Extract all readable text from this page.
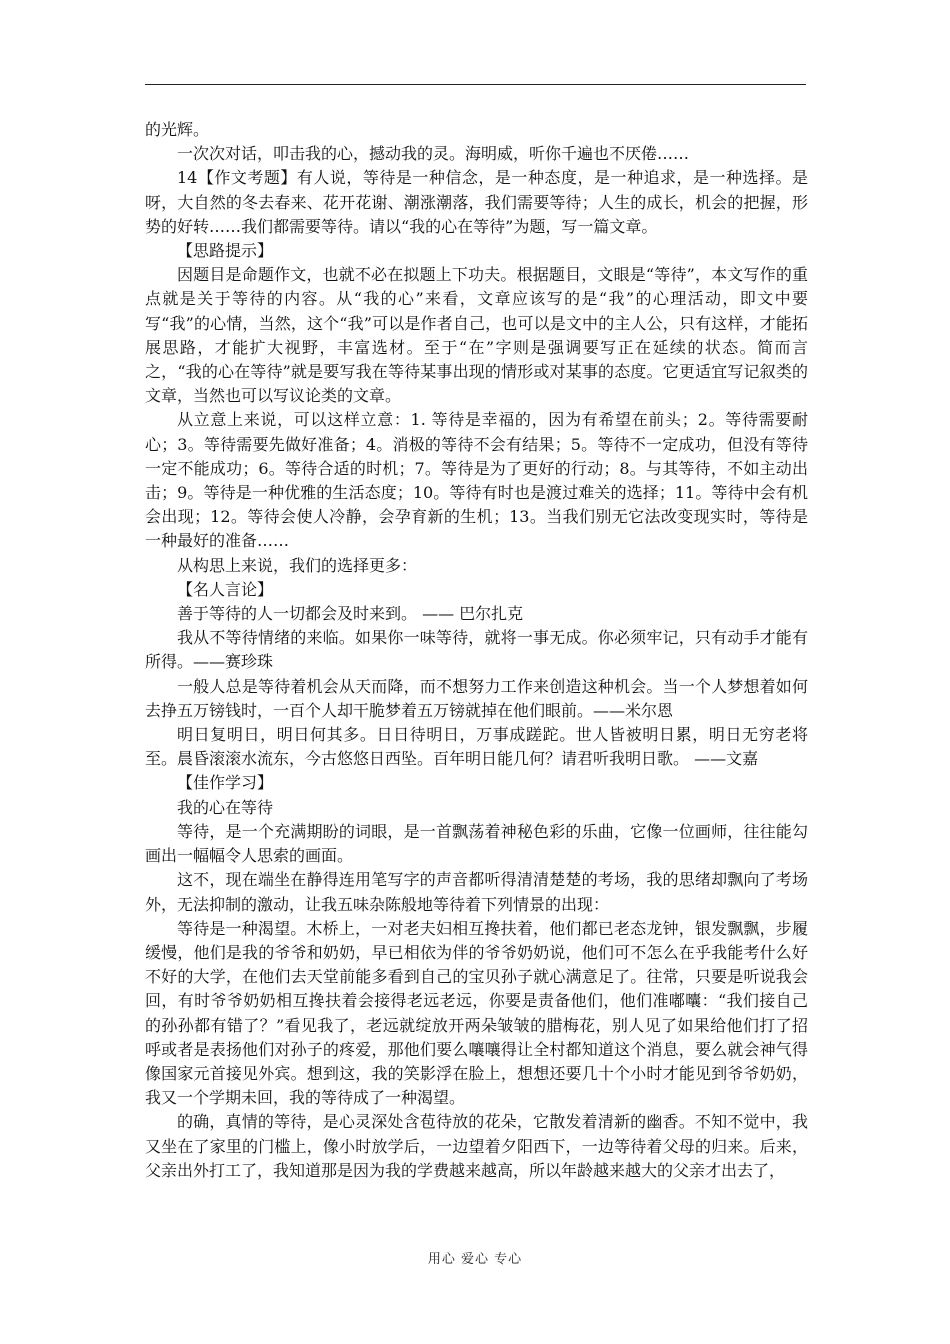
的光辉。

一次次对话，叩击我的心，撼动我的灵。海明威，听你千遍也不厌倦……

14【作文考题】有人说，等待是一种信念，是一种态度，是一种追求，是一种选择。是呀，大自然的冬去春来、花开花谢、潮涨潮落，我们需要等待；人生的成长，机会的把握，形势的好转……我们都需要等待。请以“我的心在等待”为题，写一篇文章。

【思路提示】

因题目是命题作文，也就不必在拟题上下功夫。根据题目，文眼是“等待”，本文写作的重点就是关于等待的内容。从“我的心”来看，文章应该写的是“我”的心理活动，即文中要写“我”的心情，当然，这个“我”可以是作者自己，也可以是文中的主人公，只有这样，才能拓展思路，才能扩大视野，丰富选材。至于“在”字则是强调要写正在延续的状态。简而言之，“我的心在等待”就是要写我在等待某事出现的情形或对某事的态度。它更适宜写记叙类的文章，当然也可以写议论类的文章。

从立意上来说，可以这样立意：1. 等待是幸福的，因为有希望在前头；2。等待需要耐心；3。等待需要先做好准备；4。消极的等待不会有结果；5。等待不一定成功，但没有等待一定不能成功；6。等待合适的时机；7。等待是为了更好的行动；8。与其等待，不如主动出击；9。等待是一种优雅的生活态度；10。等待有时也是渡过难关的选择；11。等待中会有机会出现；12。等待会使人冷静，会孕育新的生机；13。当我们别无它法改变现实时，等待是一种最好的准备……

从构思上来说，我们的选择更多：

【名人言论】

善于等待的人一切都会及时来到。 —— 巴尔扎克

我从不等待情绪的来临。如果你一味等待，就将一事无成。你必须牢记，只有动手才能有所得。——赛珍珠

一般人总是等待着机会从天而降，而不想努力工作来创造这种机会。当一个人梦想着如何去挣五万镑钱时，一百个人却干脆梦着五万镑就掉在他们眼前。——米尔恩

明日复明日，明日何其多。日日待明日，万事成蹉跎。世人皆被明日累，明日无穷老将至。晨昏滚滚水流东，今古悠悠日西坠。百年明日能几何？请君听我明日歌。 ——文嘉

【佳作学习】

我的心在等待

等待，是一个充满期盼的词眼，是一首飘荡着神秘色彩的乐曲，它像一位画师，往往能勾画出一幅幅令人思索的画面。

这不，现在端坐在静得连用笔写字的声音都听得清清楚楚的考场，我的思绪却飘向了考场外，无法抑制的激动，让我五味杂陈般地等待着下列情景的出现：

等待是一种渴望。木桥上，一对老夫妇相互搀扶着，他们都已老态龙钟，银发飘飘，步履缓慢，他们是我的爷爷和奶奶，早已相依为伴的爷爷奶奶说，他们可不怎么在乎我能考什么好不好的大学，在他们去天堂前能多看到自己的宝贝孙子就心满意足了。往常，只要是听说我会回，有时爷爷奶奶相互搀扶着会接得老远老远，你要是责备他们，他们准嘟囔：“我们接自己的孙孙都有错了？”看见我了，老远就绽放开两朵皱皱的腊梅花，别人见了如果给他们打了招呼或者是表扬他们对孙子的疼爱，那他们要么嚷嚷得让全村都知道这个消息，要么就会神气得像国家元首接见外宾。想到这，我的笑影浮在脸上，想想还要几十个小时才能见到爷爷奶奶，我又一个学期未回，我的等待成了一种渴望。

的确，真情的等待，是心灵深处含苞待放的花朵，它散发着清新的幽香。不知不觉中，我又坐在了家里的门槛上，像小时放学后，一边望着夕阳西下，一边等待着父母的归来。后来，父亲出外打工了，我知道那是因为我的学费越来越高，所以年龄越来越大的父亲才出去了，

用心 爱心 专心
